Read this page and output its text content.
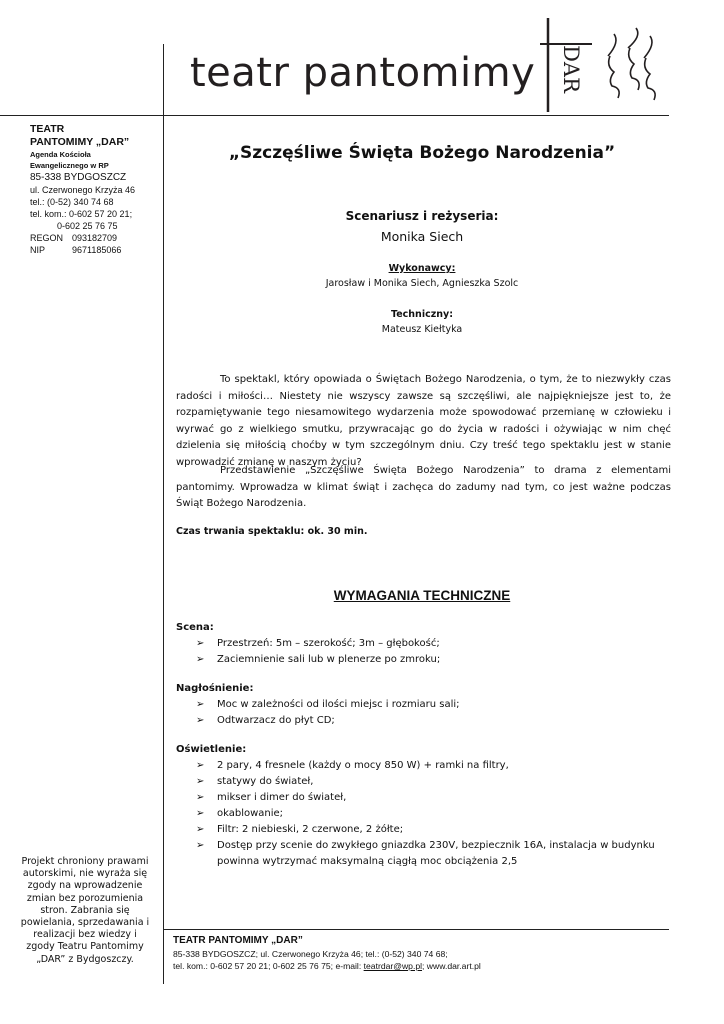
teatr pantomimy DAR
TEATR
PANTOMIMY „DAR”
Agenda Kościoła
Ewangelicznego w RP
85-338 BYDGOSZCZ
ul. Czerwonego Krzyża 46
tel.: (0-52) 340 74 68
tel. kom.: 0-602 57 20 21;
0-602 25 76 75
REGON 093182709
NIP	9671185066
Projekt chroniony prawami autorskimi, nie wyraża się zgody na wprowadzenie zmian bez porozumienia stron. Zabrania się powielania, sprzedawania i realizacji bez wiedzy i zgody Teatru Pantomimy „DAR” z Bydgoszczy.
„Szczęśliwe Święta Bożego Narodzenia”
Scenariusz i reżyseria:
Monika Siech
Wykonawcy:
Jarosław i Monika Siech, Agnieszka Szolc
Techniczny:
Mateusz Kiełtyka
To spektakl, który opowiada o Świętach Bożego Narodzenia, o tym, że to niezwykły czas radości i miłości… Niestety nie wszyscy zawsze są szczęśliwi, ale najpiękniejsze jest to, że rozpamiętywanie tego niesamowitego wydarzenia może spowodować przemianę w człowieku i wyrwać go z wielkiego smutku, przywracając go do życia w radości i ożywiając w nim chęć dzielenia się miłością choćby w tym szczególnym dniu. Czy treść tego spektaklu jest w stanie wprowadzić zmianę w naszym życiu?
Przedstawienie „Szczęśliwe Święta Bożego Narodzenia” to drama z elementami pantomimy. Wprowadza w klimat świąt i zachęca do zadumy nad tym, co jest ważne podczas Świąt Bożego Narodzenia.
Czas trwania spektaklu: ok. 30 min.
WYMAGANIA TECHNICZNE
Scena:
➢ Przestrzeń: 5m – szerokość; 3m – głębokość;
➢ Zaciemnienie sali lub w plenerze po zmroku;
Nagłośnienie:
➢ Moc w zależności od ilości miejsc i rozmiaru sali;
➢ Odtwarzacz do płyt CD;
Oświetlenie:
➢ 2 pary, 4 fresnele (każdy o mocy 850 W) + ramki na filtry,
➢ statywy do świateł,
➢ mikser i dimer do świateł,
➢ okablowanie;
➢ Filtr: 2 niebieski, 2 czerwone, 2 żółte;
➢ Dostęp przy scenie do zwykłego gniazdka 230V, bezpiecznik 16A, instalacja w budynku powinna wytrzymać maksymalną ciągłą moc obciążenia 2,5
TEATR PANTOMIMY „DAR”
85-338 BYDGOSZCZ; ul. Czerwonego Krzyża 46; tel.: (0-52) 340 74 68;
tel. kom.: 0-602 57 20 21; 0-602 25 76 75; e-mail: teatrdar@wp.pl; www.dar.art.pl
